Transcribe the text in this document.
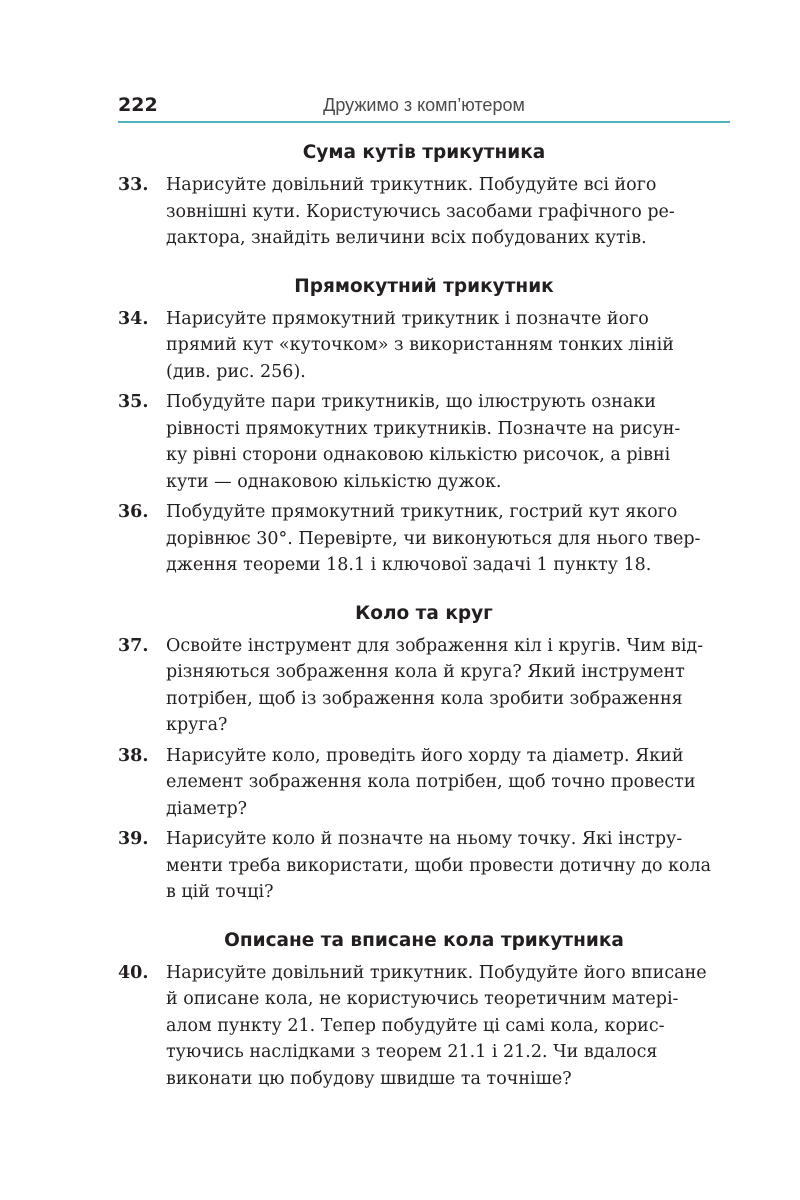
222	Дружимо з комп’ютером
Сума кутів трикутника
33.	Нарисуйте довільний трикутник. Побудуйте всі його
зовнішні кути. Користуючись засобами графічного ре-
дактора, знайдіть величини всіх побудованих кутів.
Прямокутний трикутник
34.	Нарисуйте прямокутний трикутник і позначте його
прямий кут «куточком» з використанням тонких ліній
(див. рис. 256).
35.	Побудуйте пари трикутників, що ілюструють ознаки
рівності прямокутних трикутників. Позначте на рисун-
ку рівні сторони однаковою кількістю рисочок, а рівні
кути — однаковою кількістю дужок.
36.	Побудуйте прямокутний трикутник, гострий кут якого
дорівнює 30°. Перевірте, чи виконуються для нього твер-
дження теореми 18.1 і ключової задачі 1 пункту 18.
Коло та круг
37.	Освойте інструмент для зображення кіл і кругів. Чим від-
різняються зображення кола й круга? Який інструмент
потрібен, щоб із зображення кола зробити зображення
круга?
38.	Нарисуйте коло, проведіть його хорду та діаметр. Який
елемент зображення кола потрібен, щоб точно провести
діаметр?
39.	Нарисуйте коло й позначте на ньому точку. Які інстру-
менти треба використати, щоби провести дотичну до кола
в цій точці?
Описане та вписане кола трикутника
40.	Нарисуйте довільний трикутник. Побудуйте його вписане
й описане кола, не користуючись теоретичним матері-
алом пункту 21. Тепер побудуйте ці самі кола, корис-
туючись наслідками з теорем 21.1 і 21.2. Чи вдалося
виконати цю побудову швидше та точніше?
